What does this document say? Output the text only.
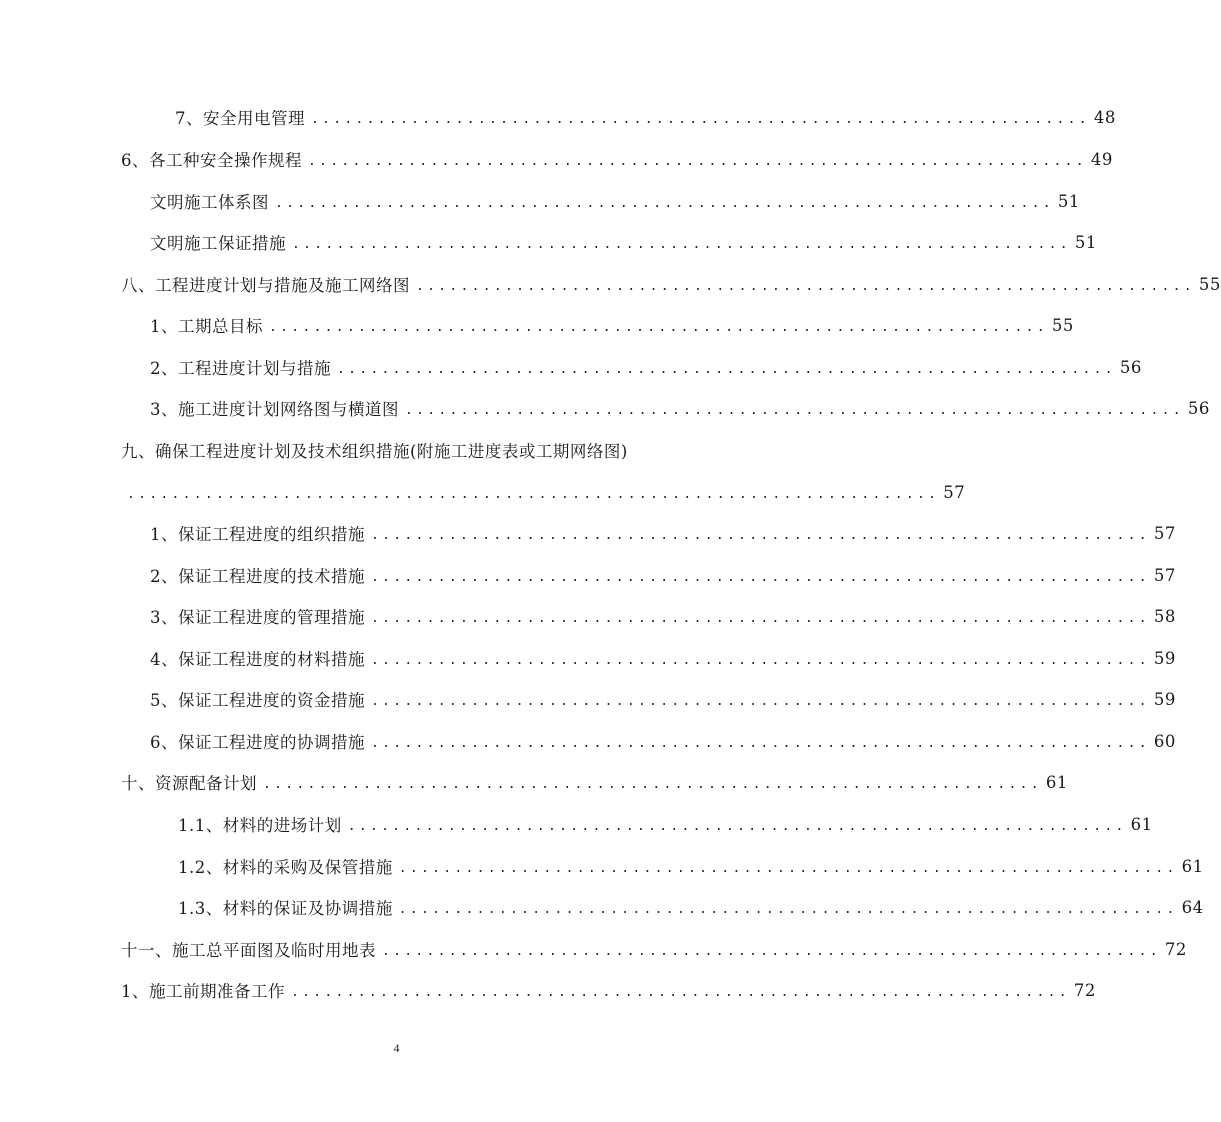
7、安全用电管理 ...................................................................... 48
6、各工种安全操作规程 ...................................................................... 49
文明施工体系图 ...................................................................... 51
文明施工保证措施 ...................................................................... 51
八、工程进度计划与措施及施工网络图 ...................................................................... 55
1、工期总目标 ...................................................................... 55
2、工程进度计划与措施 ...................................................................... 56
3、施工进度计划网络图与横道图 ...................................................................... 56
九、确保工程进度计划及技术组织措施(附施工进度表或工期网络图)
......................................................................... 57
1、保证工程进度的组织措施 ...................................................................... 57
2、保证工程进度的技术措施 ...................................................................... 57
3、保证工程进度的管理措施 ...................................................................... 58
4、保证工程进度的材料措施 ...................................................................... 59
5、保证工程进度的资金措施 ...................................................................... 59
6、保证工程进度的协调措施 ...................................................................... 60
十、资源配备计划 ...................................................................... 61
1.1、材料的进场计划 ...................................................................... 61
1.2、材料的采购及保管措施 ...................................................................... 61
1.3、材料的保证及协调措施 ...................................................................... 64
十一、施工总平面图及临时用地表 ...................................................................... 72
1、施工前期准备工作 ...................................................................... 72
4
